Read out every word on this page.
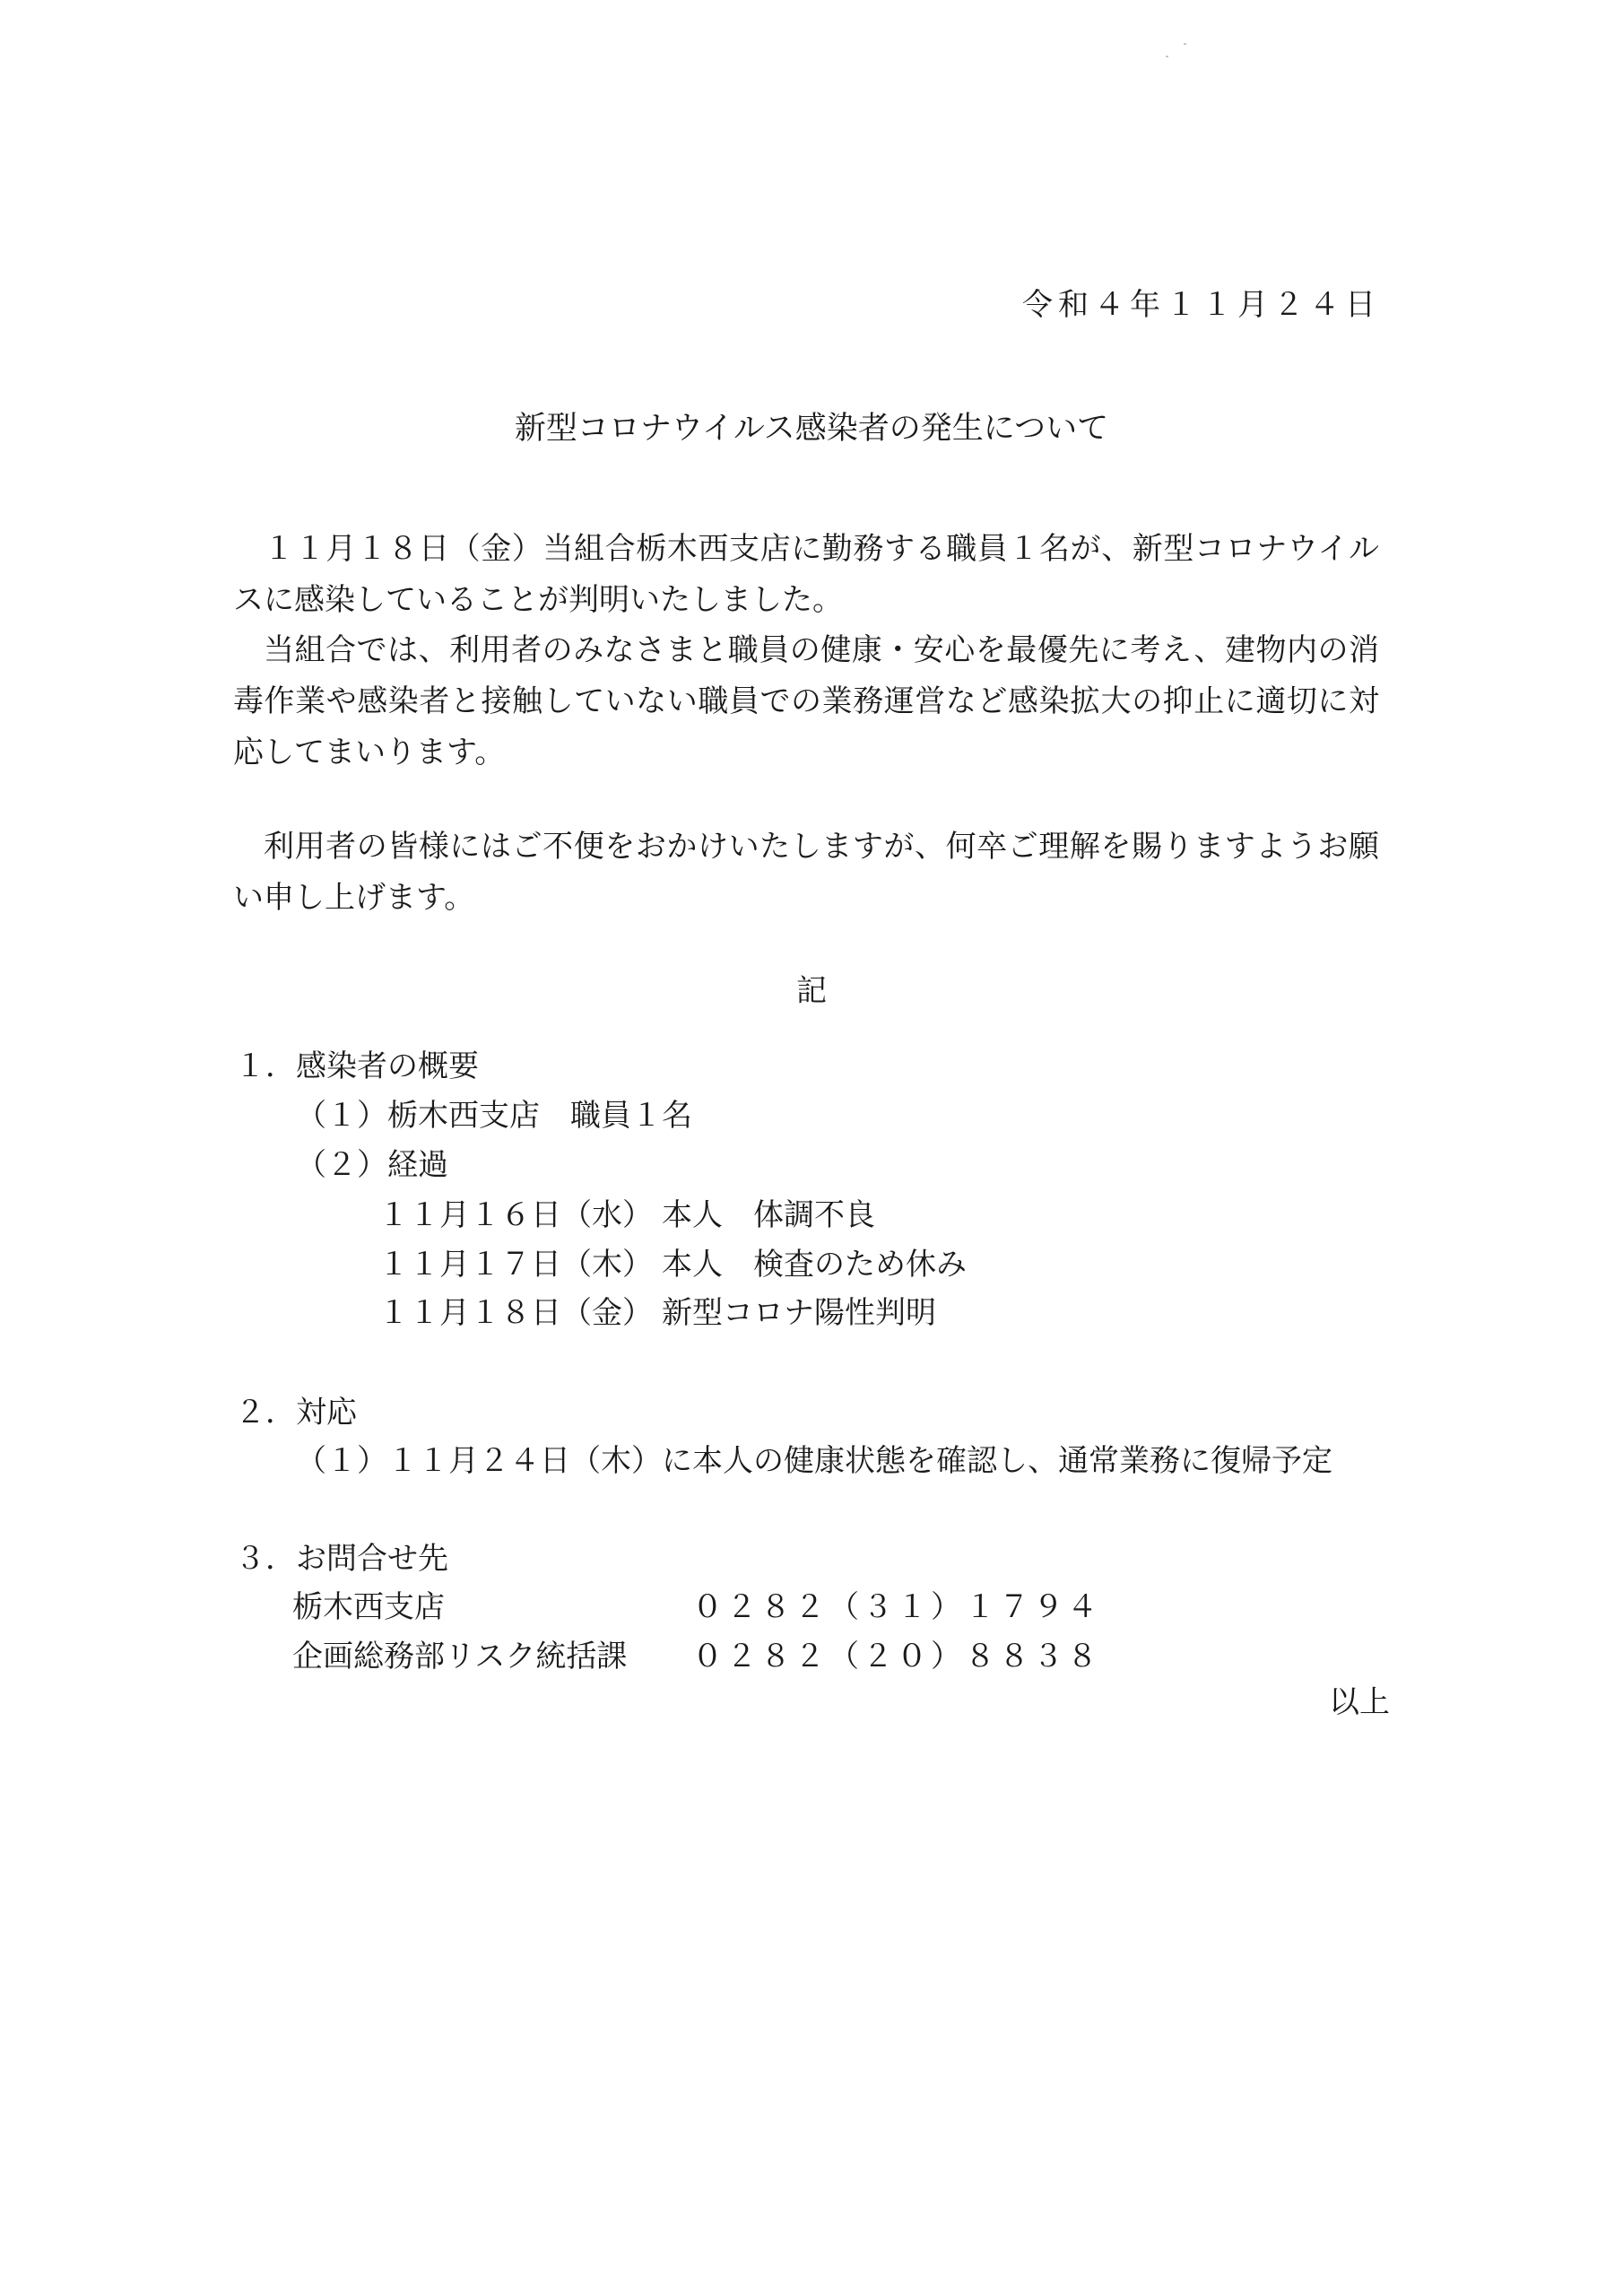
令和４年１１月２４日
新型コロナウイルス感染者の発生について
１１月１８日（金）当組合栃木西支店に勤務する職員１名が、新型コロナウイルスに感染していることが判明いたしました。
当組合では、利用者のみなさまと職員の健康・安心を最優先に考え、建物内の消毒作業や感染者と接触していない職員での業務運営など感染拡大の抑止に適切に対応してまいります。
利用者の皆様にはご不便をおかけいたしますが、何卒ご理解を賜りますようお願い申し上げます。
記
１．感染者の概要
（１）栃木西支店　職員１名
（２）経過
１１月１６日（水） 本人　体調不良
１１月１７日（木） 本人　検査のため休み
１１月１８日（金） 新型コロナ陽性判明
２．対応
（１）１１月２４日（木）に本人の健康状態を確認し、通常業務に復帰予定
３．お問合せ先
栃木西支店	０２８２（３１）１７９４
企画総務部リスク統括課 ０２８２（２０）８８３８
以上
